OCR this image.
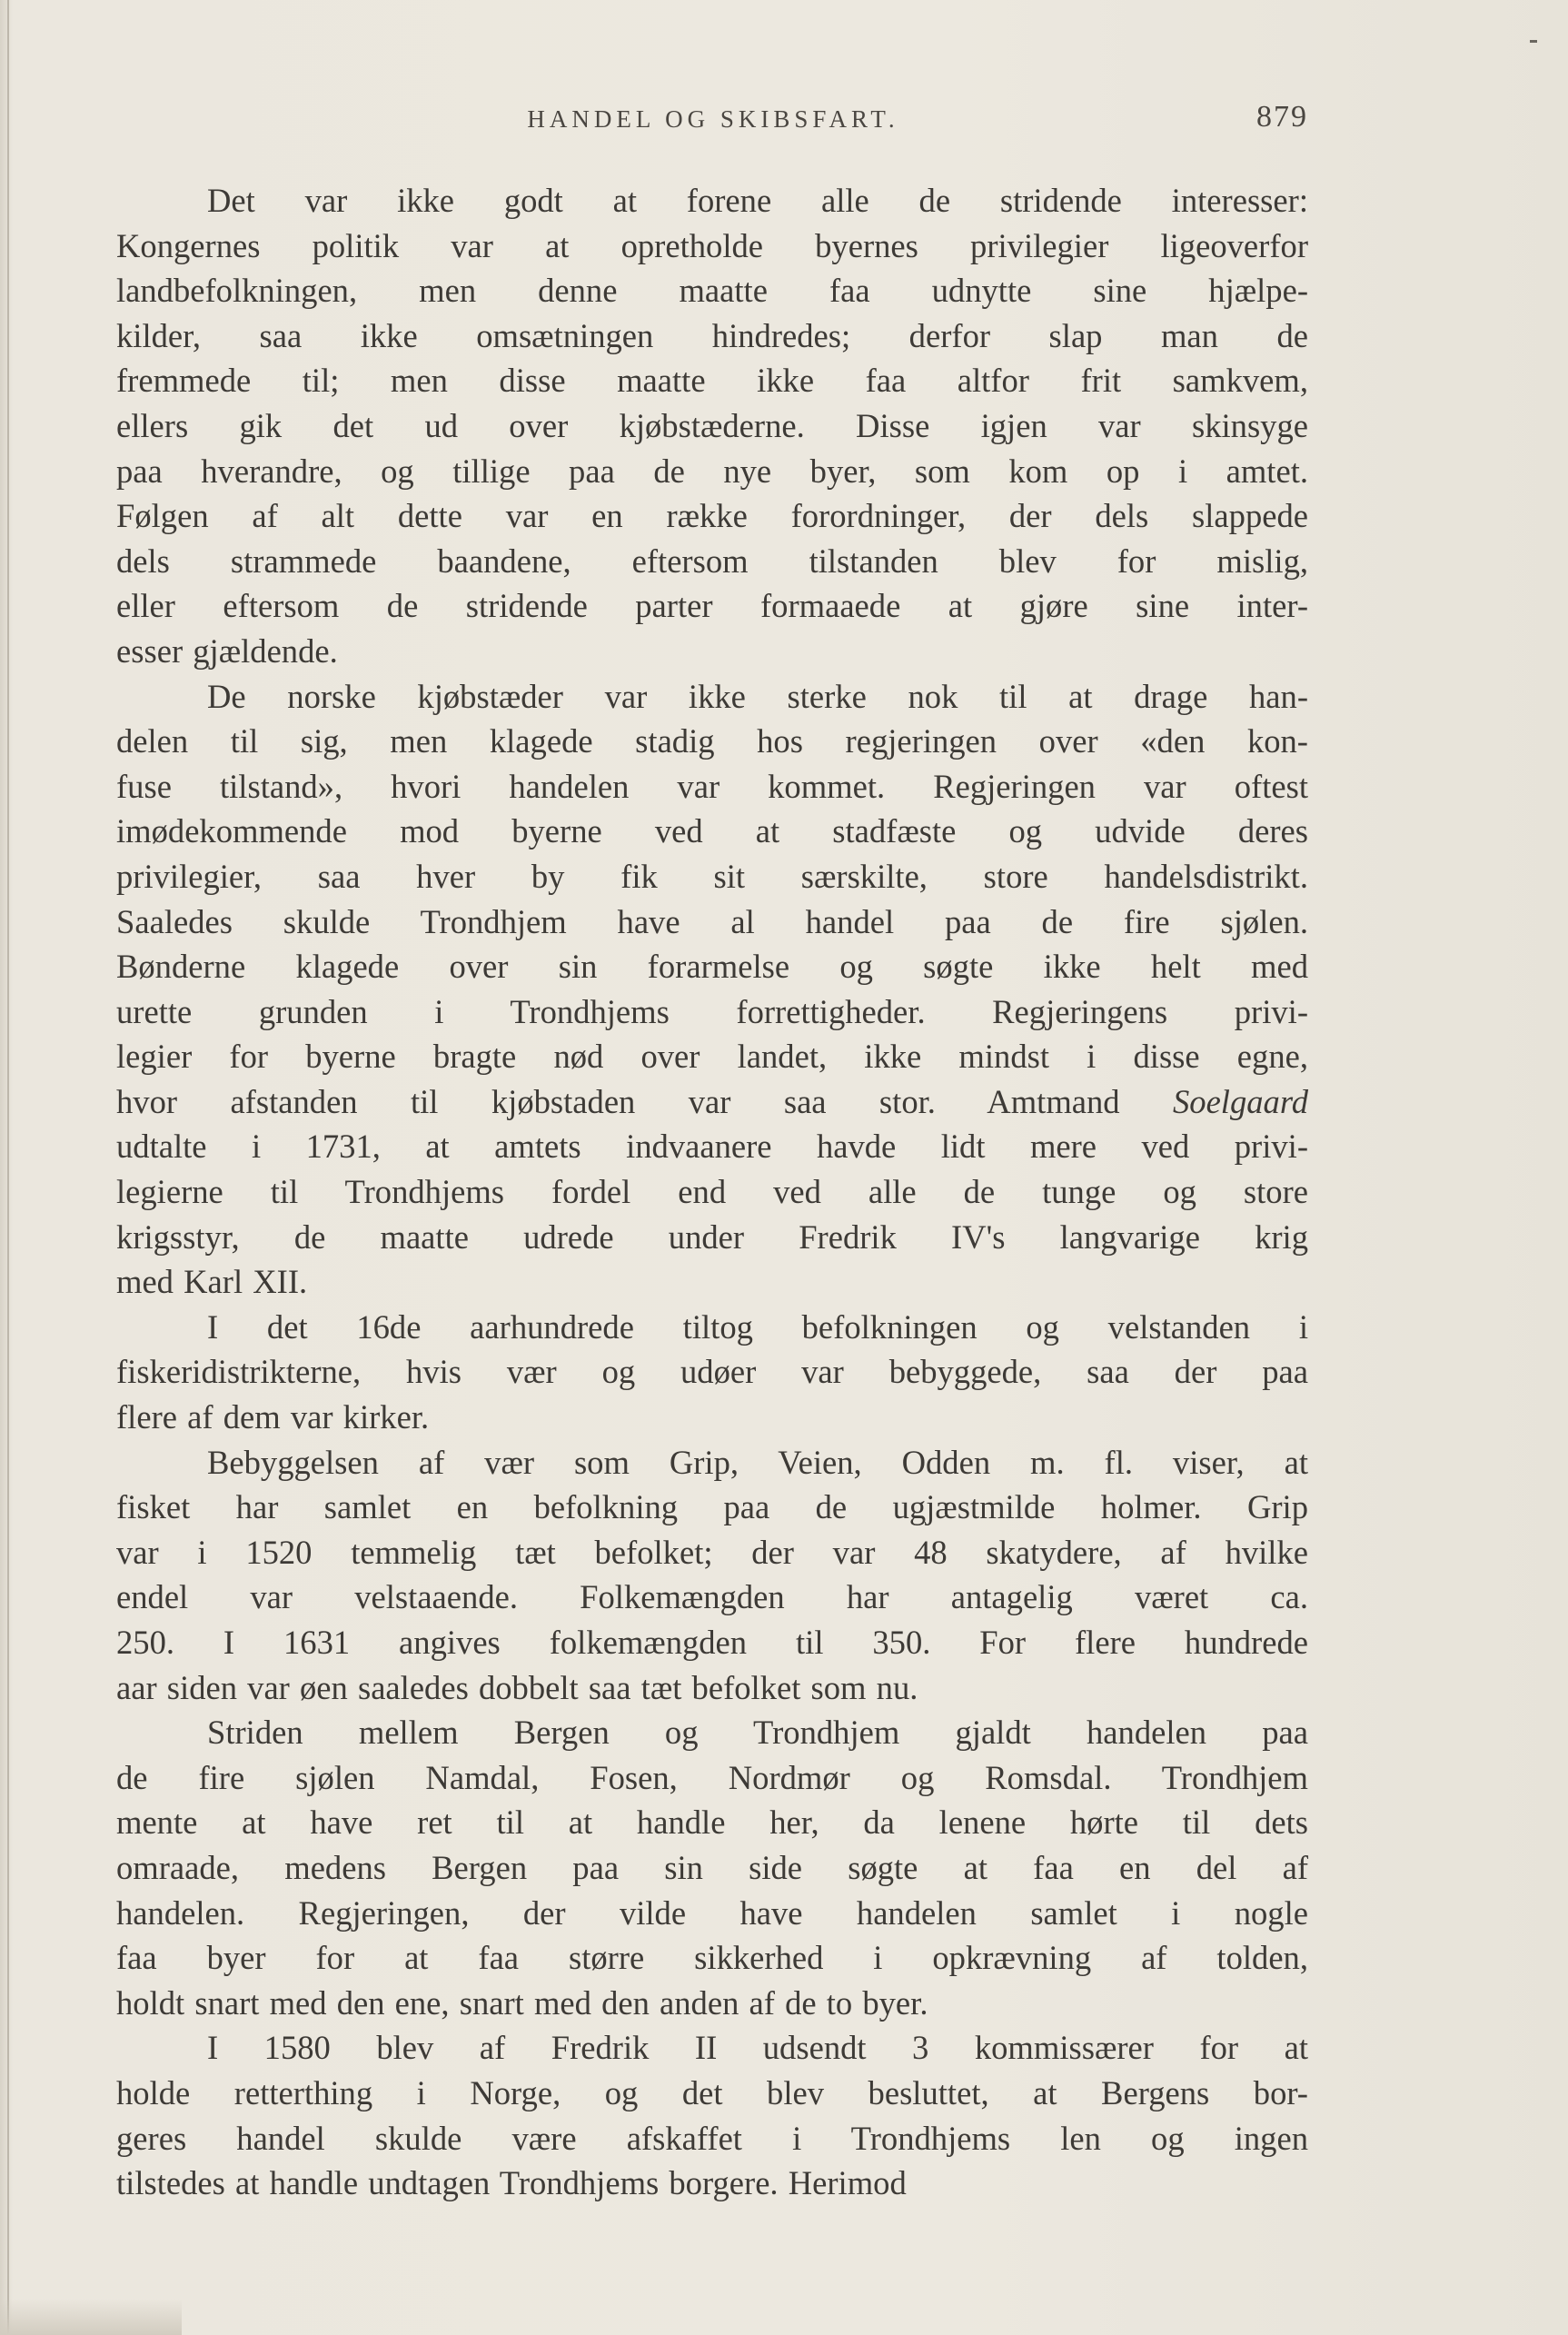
HANDEL OG SKIBSFART.	879
Det var ikke godt at forene alle de stridende interesser:
Kongernes politik var at opretholde byernes privilegier ligeoverfor
landbefolkningen, men denne maatte faa udnytte sine hjælpe-
kilder, saa ikke omsætningen hindredes; derfor slap man de
fremmede til; men disse maatte ikke faa altfor frit samkvem,
ellers gik det ud over kjøbstæderne. Disse igjen var skinsyge
paa hverandre, og tillige paa de nye byer, som kom op i amtet.
Følgen af alt dette var en række forordninger, der dels slappede
dels strammede baandene, eftersom tilstanden blev for mislig,
eller eftersom de stridende parter formaaede at gjøre sine inter-
esser gjældende.
De norske kjøbstæder var ikke sterke nok til at drage han-
delen til sig, men klagede stadig hos regjeringen over «den kon-
fuse tilstand», hvori handelen var kommet. Regjeringen var oftest
imødekommende mod byerne ved at stadfæste og udvide deres
privilegier, saa hver by fik sit særskilte, store handelsdistrikt.
Saaledes skulde Trondhjem have al handel paa de fire sjølen.
Bønderne klagede over sin forarmelse og søgte ikke helt med
urette grunden i Trondhjems forrettigheder. Regjeringens privi-
legier for byerne bragte nød over landet, ikke mindst i disse egne,
hvor afstanden til kjøbstaden var saa stor. Amtmand Soelgaard
udtalte i 1731, at amtets indvaanere havde lidt mere ved privi-
legierne til Trondhjems fordel end ved alle de tunge og store
krigsstyr, de maatte udrede under Fredrik IV's langvarige krig
med Karl XII.
I det 16de aarhundrede tiltog befolkningen og velstanden i
fiskeridistrikterne, hvis vær og udøer var bebyggede, saa der paa
flere af dem var kirker.
Bebyggelsen af vær som Grip, Veien, Odden m. fl. viser, at
fisket har samlet en befolkning paa de ugjæstmilde holmer. Grip
var i 1520 temmelig tæt befolket; der var 48 skatydere, af hvilke
endel var velstaaende. Folkemængden har antagelig været ca.
250. I 1631 angives folkemængden til 350. For flere hundrede
aar siden var øen saaledes dobbelt saa tæt befolket som nu.
Striden mellem Bergen og Trondhjem gjaldt handelen paa
de fire sjølen Namdal, Fosen, Nordmør og Romsdal. Trondhjem
mente at have ret til at handle her, da lenene hørte til dets
omraade, medens Bergen paa sin side søgte at faa en del af
handelen. Regjeringen, der vilde have handelen samlet i nogle
faa byer for at faa større sikkerhed i opkrævning af tolden,
holdt snart med den ene, snart med den anden af de to byer.
I 1580 blev af Fredrik II udsendt 3 kommissærer for at
holde retterthing i Norge, og det blev besluttet, at Bergens bor-
geres handel skulde være afskaffet i Trondhjems len og ingen
tilstedes at handle undtagen Trondhjems borgere. Herimod
